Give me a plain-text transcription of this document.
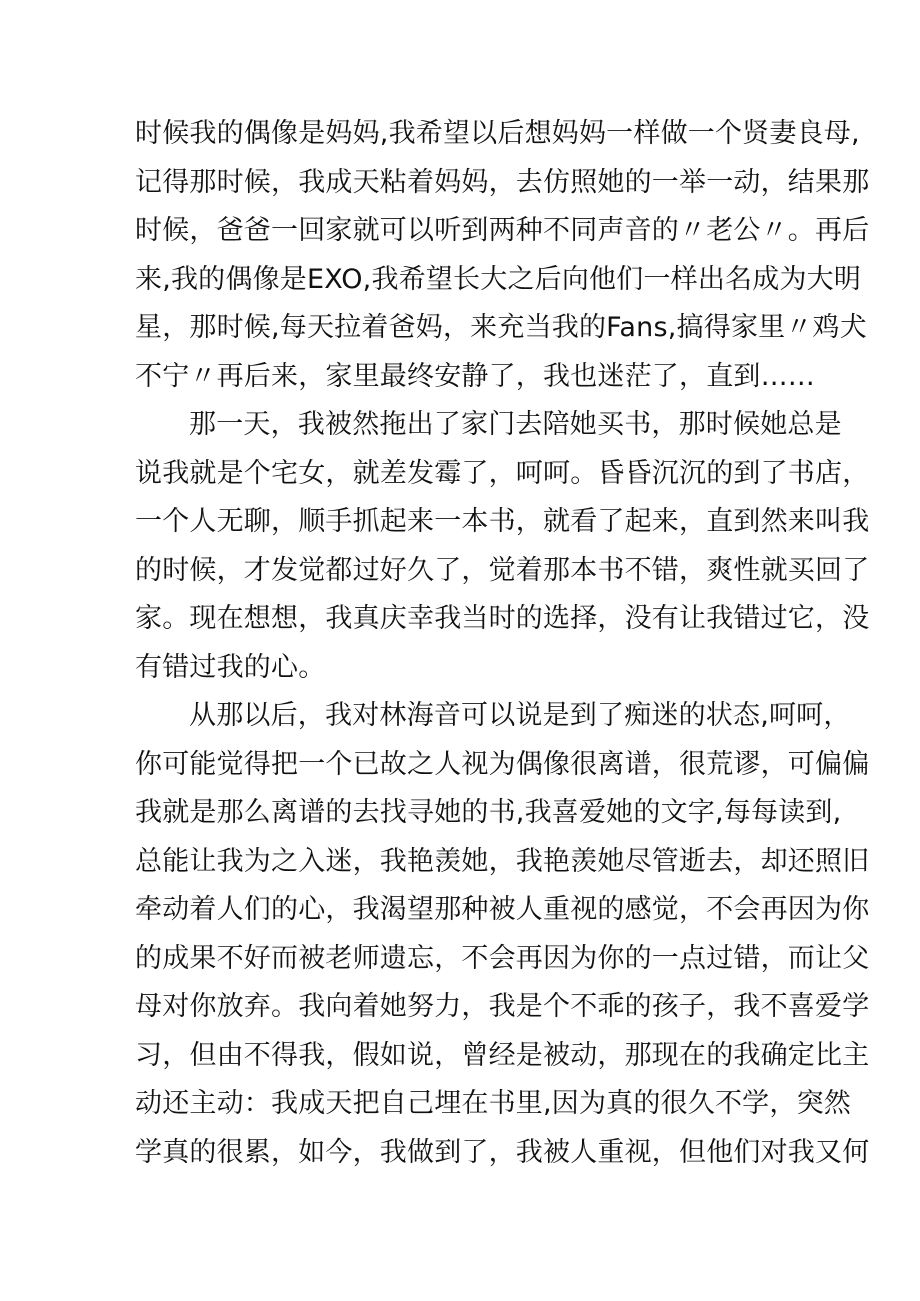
时候我的偶像是妈妈,我希望以后想妈妈一样做一个贤妻良母,
记得那时候，我成天粘着妈妈，去仿照她的一举一动，结果那
时候，爸爸一回家就可以听到两种不同声音的〃老公〃。再后
来,我的偶像是EXO,我希望长大之后向他们一样出名成为大明
星，那时候,每天拉着爸妈，来充当我的Fans,搞得家里〃鸡犬
不宁〃再后来，家里最终安静了，我也迷茫了，直到……
那一天，我被然拖出了家门去陪她买书，那时候她总是
说我就是个宅女，就差发霉了，呵呵。昏昏沉沉的到了书店，
一个人无聊，顺手抓起来一本书，就看了起来，直到然来叫我
的时候，才发觉都过好久了，觉着那本书不错，爽性就买回了
家。现在想想，我真庆幸我当时的选择，没有让我错过它，没
有错过我的心。
从那以后，我对林海音可以说是到了痴迷的状态,呵呵，
你可能觉得把一个已故之人视为偶像很离谱，很荒谬，可偏偏
我就是那么离谱的去找寻她的书,我喜爱她的文字,每每读到,
总能让我为之入迷，我艳羡她，我艳羡她尽管逝去，却还照旧
牵动着人们的心，我渴望那种被人重视的感觉，不会再因为你
的成果不好而被老师遗忘，不会再因为你的一点过错，而让父
母对你放弃。我向着她努力，我是个不乖的孩子，我不喜爱学
习，但由不得我，假如说，曾经是被动，那现在的我确定比主
动还主动：我成天把自己埋在书里,因为真的很久不学，突然
学真的很累，如今，我做到了，我被人重视，但他们对我又何
